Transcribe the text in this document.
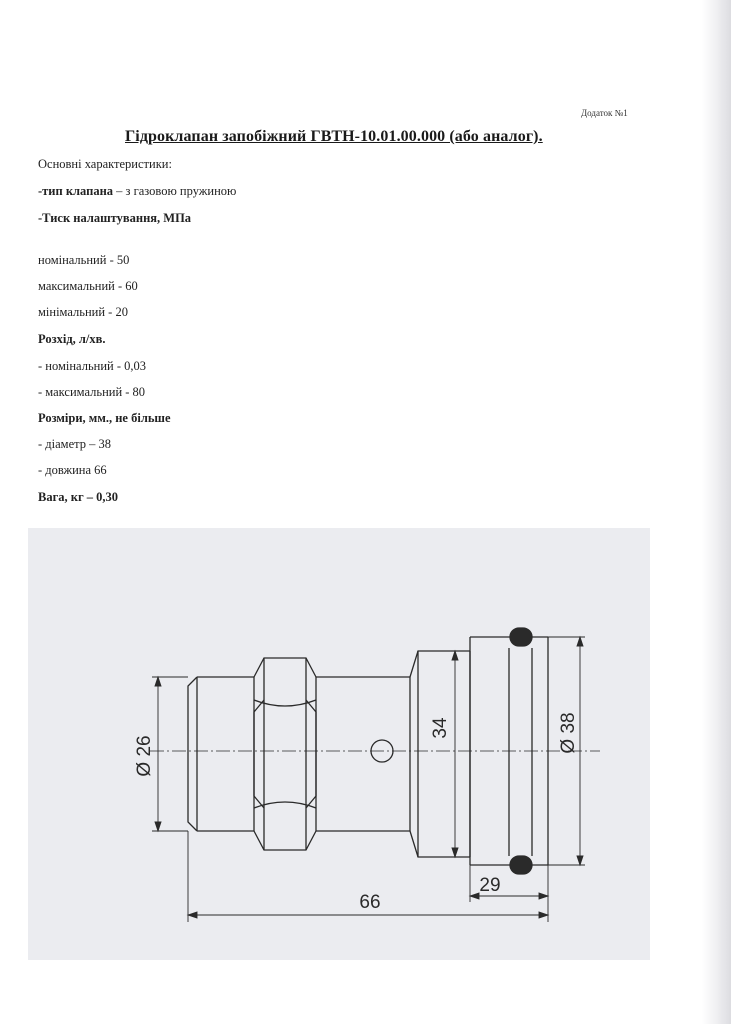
Додаток №1
Гідроклапан запобіжний ГВТН-10.01.00.000 (або аналог).
Основні характеристики:
-тип клапана – з газовою пружиною
-Тиск налаштування, МПа
номінальний - 50
максимальний - 60
мінімальний - 20
Розхід, л/хв.
- номінальний - 0,03
- максимальний - 80
Розміри, мм., не більше
- діаметр – 38
- довжина 66
Вага, кг – 0,30
Ø 26
34	Ø 38
29
66
